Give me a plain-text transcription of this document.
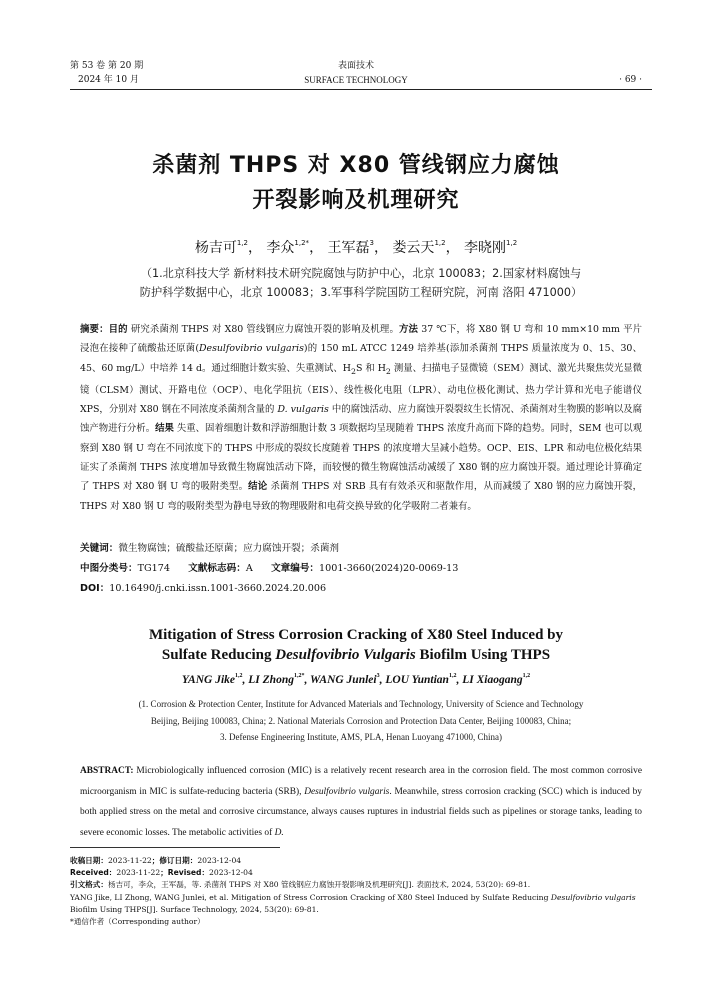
第 53 卷 第 20 期
2024 年 10 月
表面技术
SURFACE TECHNOLOGY	· 69 ·
杀菌剂 THPS 对 X80 管线钢应力腐蚀
开裂影响及机理研究
杨吉可$^{1,2}$， 李众$^{1,2*}$， 王军磊$^3$， 娄云天$^{1,2}$， 李晓刚$^{1,2}$
（1.北京科技大学 新材料技术研究院腐蚀与防护中心，北京 100083；2.国家材料腐蚀与
防护科学数据中心，北京 100083；3.军事科学院国防工程研究院，河南 洛阳 471000）
摘要：目的 研究杀菌剂 THPS 对 X80 管线钢应力腐蚀开裂的影响及机理。方法 37 ℃下，将 X80 钢 U 弯和 10 mm×10 mm 平片浸泡在接种了硫酸盐还原菌(Desulfovibrio vulgaris)的 150 mL ATCC 1249 培养基(添加杀菌剂 THPS 质量浓度为 0、15、30、45、60 mg/L）中培养 14 d。通过细胞计数实验、失重测试、$H_2S$ 和 $H_2$ 测量、扫描电子显微镜（SEM）测试、激光共聚焦荧光显微镜（CLSM）测试、开路电位（OCP）、电化学阻抗（EIS）、线性极化电阻（LPR）、动电位极化测试、热力学计算和光电子能谱仪 XPS，分别对 X80 钢在不同浓度杀菌剂含量的 D. vulgaris 中的腐蚀活动、应力腐蚀开裂裂纹生长情况、杀菌剂对生物膜的影响以及腐蚀产物进行分析。结果 失重、固着细胞计数和浮游细胞计数 3 项数据均呈现随着 THPS 浓度升高而下降的趋势。同时，SEM 也可以观察到 X80 钢 U 弯在不同浓度下的 THPS 中形成的裂纹长度随着 THPS 的浓度增大呈减小趋势。OCP、EIS、LPR 和动电位极化结果证实了杀菌剂 THPS 浓度增加导致微生物腐蚀活动下降，而较慢的微生物腐蚀活动减缓了 X80 钢的应力腐蚀开裂。通过理论计算确定了 THPS 对 X80 钢 U 弯的吸附类型。结论 杀菌剂 THPS 对 SRB 具有有效杀灭和驱散作用，从而减缓了 X80 钢的应力腐蚀开裂，THPS 对 X80 钢 U 弯的吸附类型为静电导致的物理吸附和电荷交换导致的化学吸附二者兼有。
关键词：微生物腐蚀；硫酸盐还原菌；应力腐蚀开裂；杀菌剂
中图分类号：TG174 文献标志码：A 文章编号：1001-3660(2024)20-0069-13
DOI：10.16490/j.cnki.issn.1001-3660.2024.20.006
Mitigation of Stress Corrosion Cracking of X80 Steel Induced by
Sulfate Reducing Desulfovibrio Vulgaris Biofilm Using THPS
YANG Jike$^{1,2}$, LI Zhong$^{1,2*}$, WANG Junlei$^3$, LOU Yuntian$^{1,2}$, LI Xiaogang$^{1,2}$
(1. Corrosion & Protection Center, Institute for Advanced Materials and Technology, University of Science and Technology
Beijing, Beijing 100083, China; 2. National Materials Corrosion and Protection Data Center, Beijing 100083, China;
3. Defense Engineering Institute, AMS, PLA, Henan Luoyang 471000, China)
ABSTRACT: Microbiologically influenced corrosion (MIC) is a relatively recent research area in the corrosion field. The most common corrosive microorganism in MIC is sulfate-reducing bacteria (SRB), Desulfovibrio vulgaris. Meanwhile, stress corrosion cracking (SCC) which is induced by both applied stress on the metal and corrosive circumstance, always causes ruptures in industrial fields such as pipelines or storage tanks, leading to severe economic losses. The metabolic activities of D.
收稿日期：2023-11-22；修订日期：2023-12-04
Received：2023-11-22；Revised：2023-12-04
引文格式：杨吉可，李众，王军磊，等. 杀菌剂 THPS 对 X80 管线钢应力腐蚀开裂影响及机理研究[J]. 表面技术, 2024, 53(20): 69-81.
YANG Jike, LI Zhong, WANG Junlei, et al. Mitigation of Stress Corrosion Cracking of X80 Steel Induced by Sulfate Reducing Desulfovibrio vulgaris Biofilm Using THPS[J]. Surface Technology, 2024, 53(20): 69-81.
*通信作者（Corresponding author）
